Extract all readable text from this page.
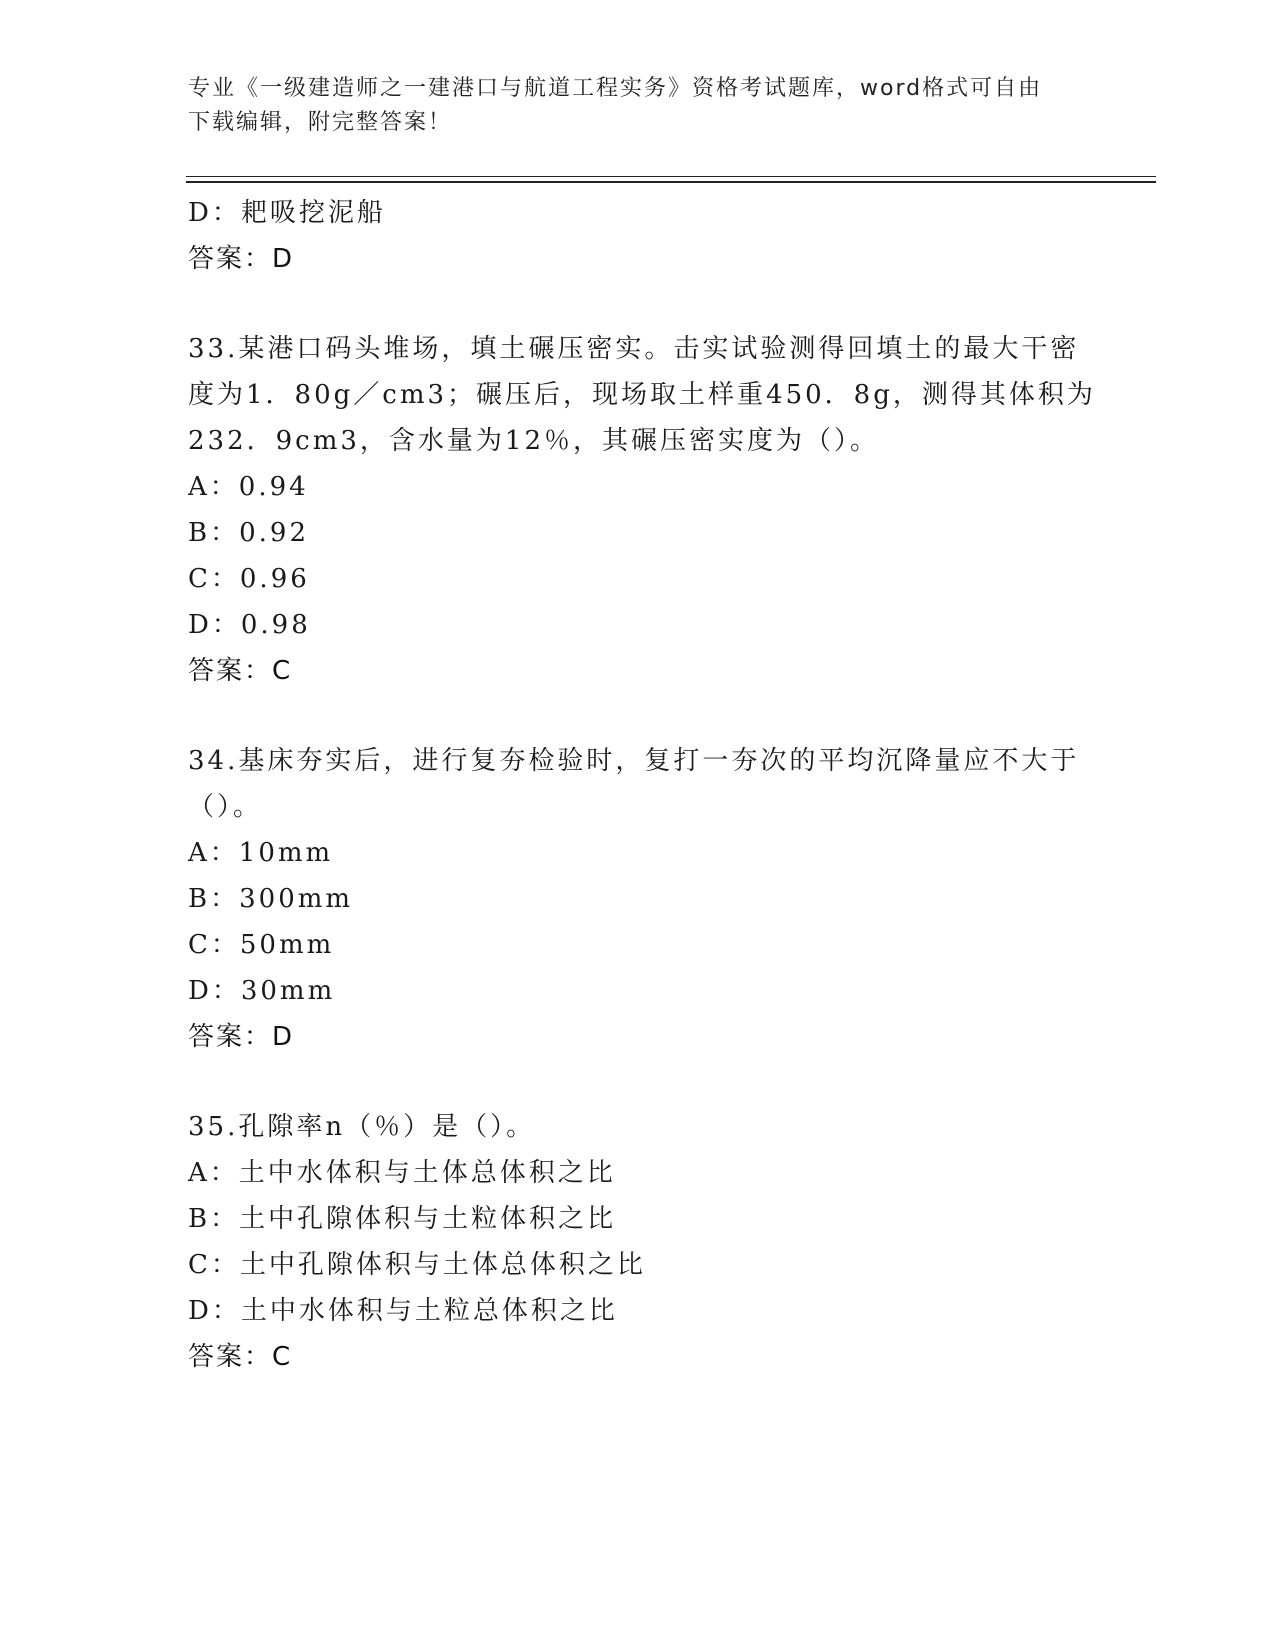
专业《一级建造师之一建港口与航道工程实务》资格考试题库，word格式可自由
下载编辑，附完整答案！
D：耙吸挖泥船
答案：D
33.某港口码头堆场，填土碾压密实。击实试验测得回填土的最大干密
度为1．80g／cm3；碾压后，现场取土样重450．8g，测得其体积为
232．9cm3，含水量为12％，其碾压密实度为（）。
A：0.94
B：0.92
C：0.96
D：0.98
答案：C
34.基床夯实后，进行复夯检验时，复打一夯次的平均沉降量应不大于
（）。
A：10mm
B：300mm
C：50mm
D：30mm
答案：D
35.孔隙率n（％）是（）。
A：土中水体积与土体总体积之比
B：土中孔隙体积与土粒体积之比
C：土中孔隙体积与土体总体积之比
D：土中水体积与土粒总体积之比
答案：C
